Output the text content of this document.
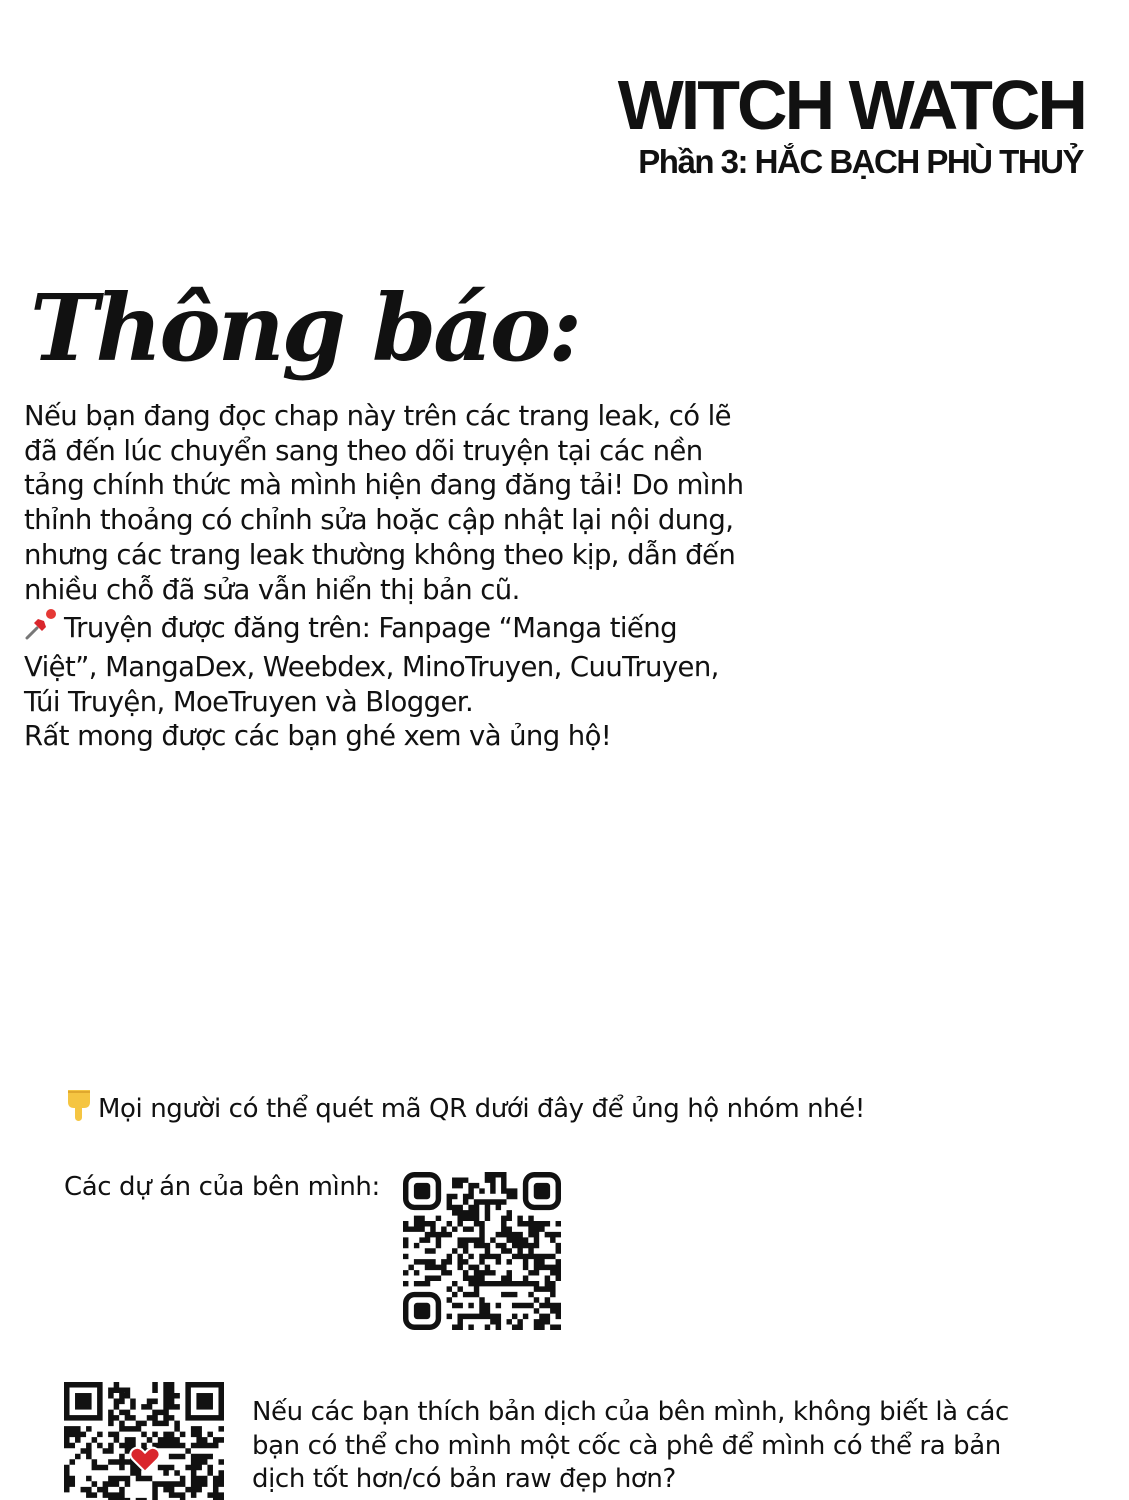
WITCH WATCH
Phần 3: HẮC BẠCH PHÙ THUỶ
Thông báo:

Nếu bạn đang đọc chap này trên các trang leak, có lẽ đã đến lúc chuyển sang theo dõi truyện tại các nền tảng chính thức mà mình hiện đang đăng tải! Do mình thỉnh thoảng có chỉnh sửa hoặc cập nhật lại nội dung, nhưng các trang leak thường không theo kịp, dẫn đến nhiều chỗ đã sửa vẫn hiển thị bản cũ.

Truyện được đăng trên: Fanpage “Manga tiếng Việt”, MangaDex, Weebdex, MinoTruyen, CuuTruyen, Túi Truyện, MoeTruyen và Blogger.

Rất mong được các bạn ghé xem và ủng hộ!

Mọi người có thể quét mã QR dưới đây để ủng hộ nhóm nhé!
Các dự án của bên mình:

Nếu các bạn thích bản dịch của bên mình, không biết là các bạn có thể cho mình một cốc cà phê để mình có thể ra bản dịch tốt hơn/có bản raw đẹp hơn?
